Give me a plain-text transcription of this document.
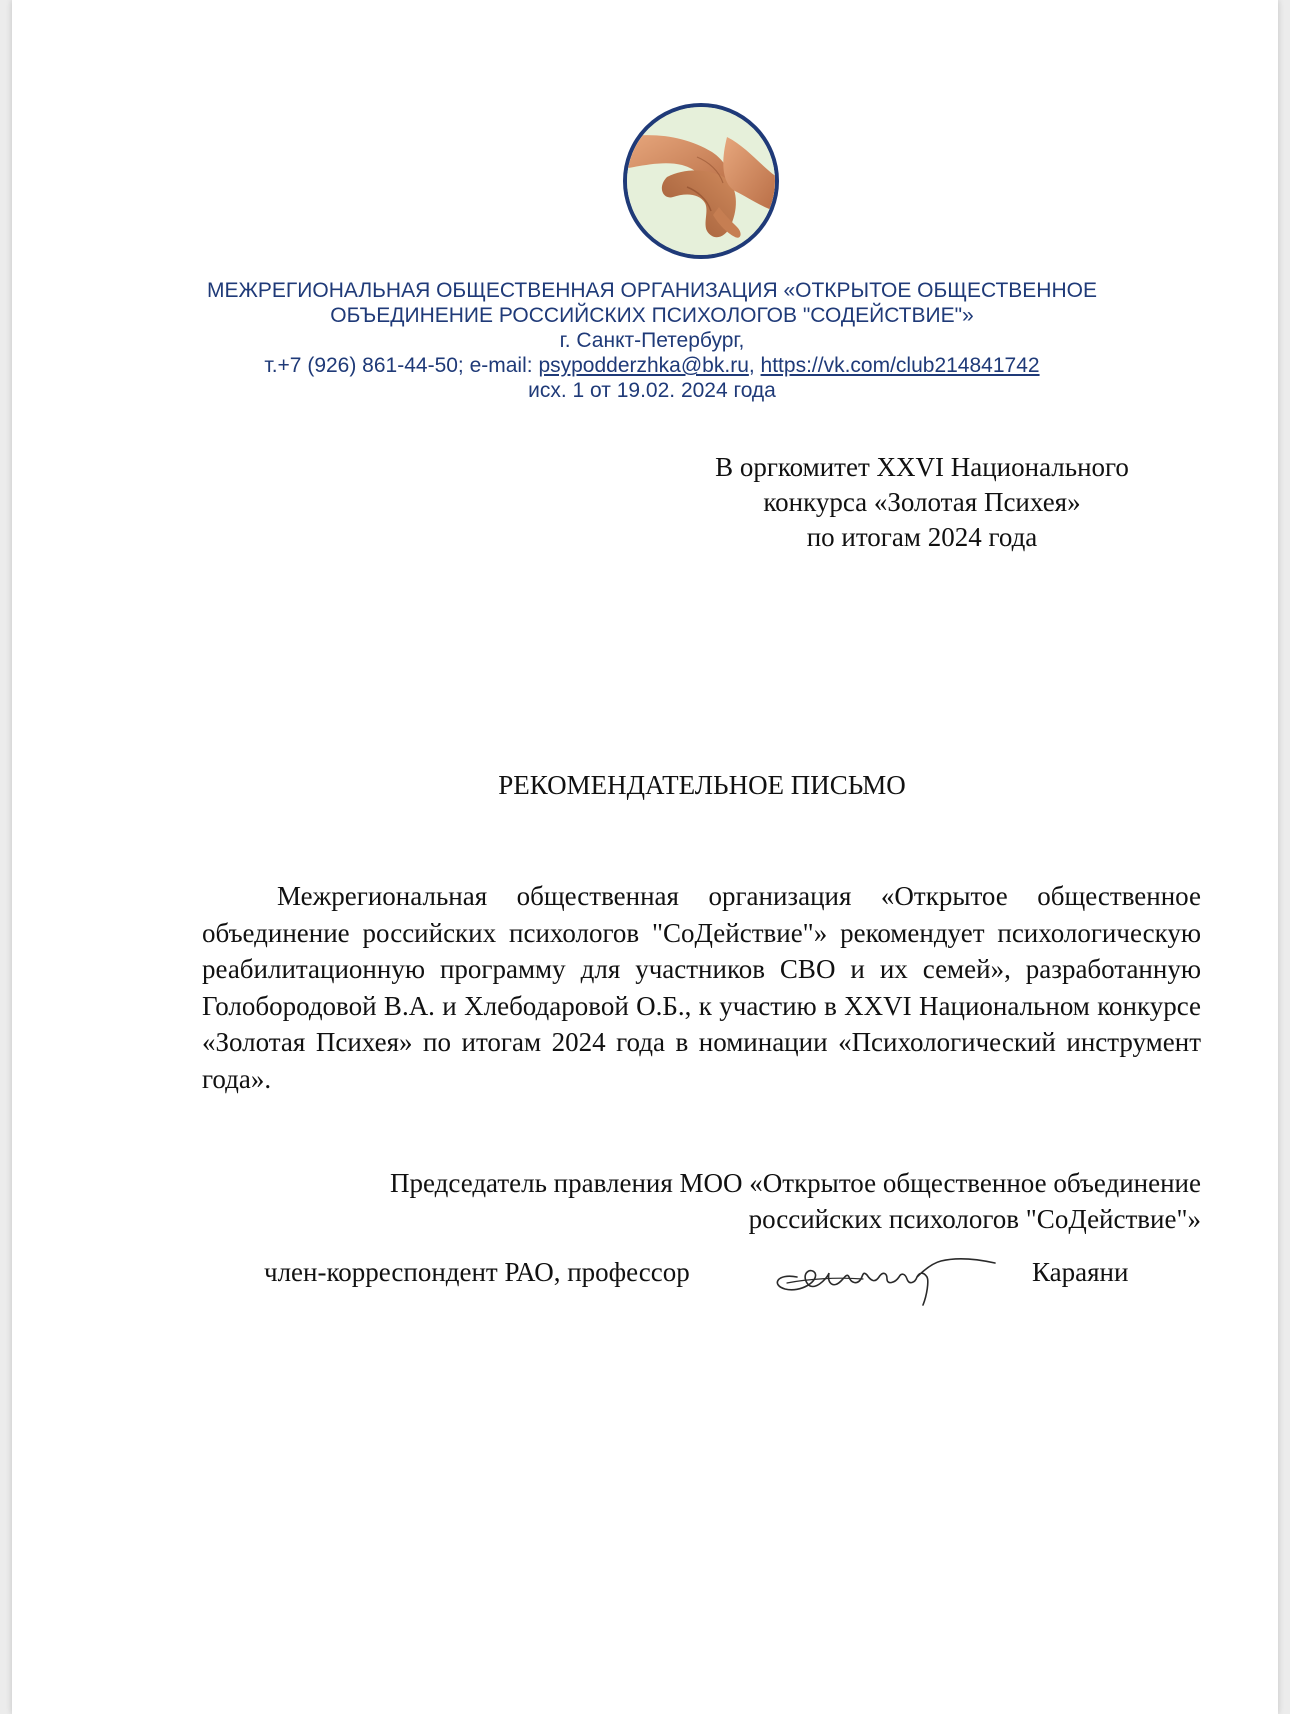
МЕЖРЕГИОНАЛЬНАЯ ОБЩЕСТВЕННАЯ ОРГАНИЗАЦИЯ «ОТКРЫТОЕ ОБЩЕСТВЕННОЕ
ОБЪЕДИНЕНИЕ РОССИЙСКИХ ПСИХОЛОГОВ "СОДЕЙСТВИЕ"»
г. Санкт-Петербург,
т.+7 (926) 861-44-50; e-mail: psypodderzhka@bk.ru, https://vk.com/club214841742
исх. 1 от 19.02. 2024 года
В оргкомитет XXVI Национального
конкурса «Золотая Психея»
по итогам 2024 года
РЕКОМЕНДАТЕЛЬНОЕ ПИСЬМО

Межрегиональная общественная организация «Открытое общественное объединение российских психологов "СоДействие"» рекомендует психологическую реабилитационную программу для участников СВО и их семей», разработанную Голобородовой В.А. и Хлебодаровой О.Б., к участию в XXVI Национальном конкурсе «Золотая Психея» по итогам 2024 года в номинации «Психологический инструмент года».

Председатель правления МОО «Открытое общественное объединение
российских психологов "СоДействие"»
член-корреспондент РАО, профессор	Караяни
